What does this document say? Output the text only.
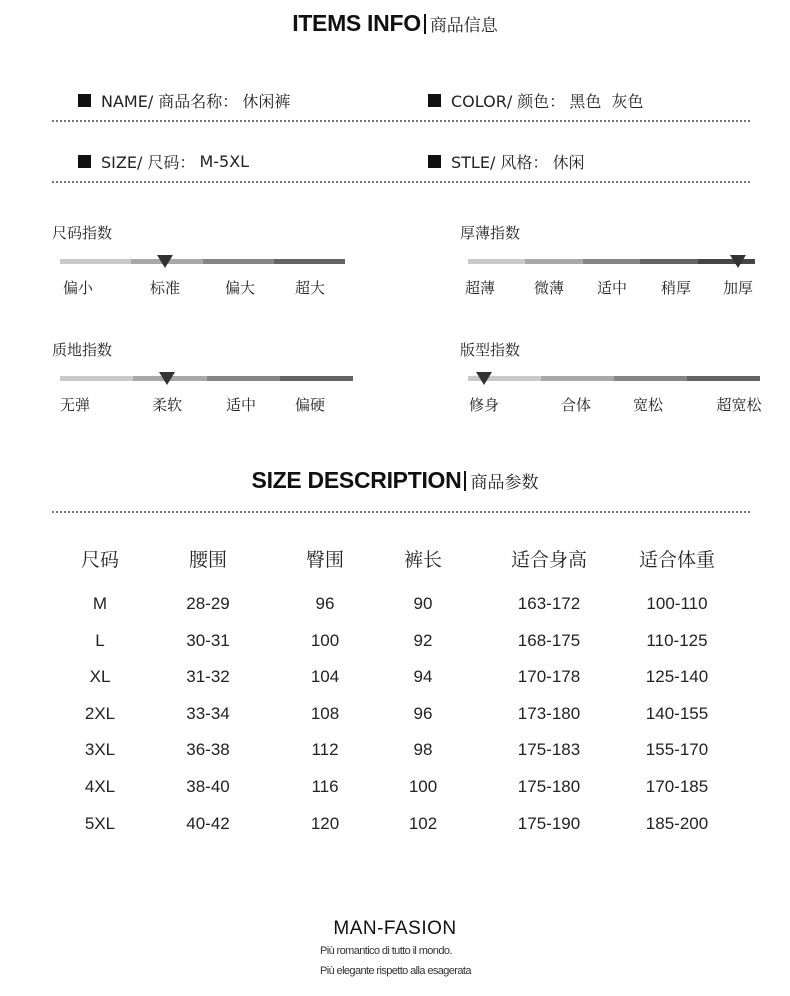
ITEMS INFO 商品信息
NAME/ 商品名称： 休闲裤	COLOR/ 颜色： 黑色  灰色
SIZE/ 尺码： M-5XL	STLE/ 风格： 休闲
尺码指数
偏小	标准	偏大	超大
厚薄指数
超薄	微薄 适中 稍厚 加厚
质地指数
无弹	柔软	适中	偏硬
版型指数
修身	合体	宽松	超宽松
SIZE DESCRIPTION 商品参数
尺码	腰围	臀围	裤长	适合身高	适合体重
M	28-29	96	90	163-172	100-110
L	30-31	100	92	168-175	110-125
XL	31-32	104	94	170-178	125-140
2XL	33-34	108	96	173-180	140-155
3XL	36-38	112	98	175-183	155-170
4XL	38-40	116	100	175-180	170-185
5XL	40-42	120	102	175-190	185-200
MAN-FASION
Più romantico di tutto il mondo.
Più elegante rispetto alla esagerata
